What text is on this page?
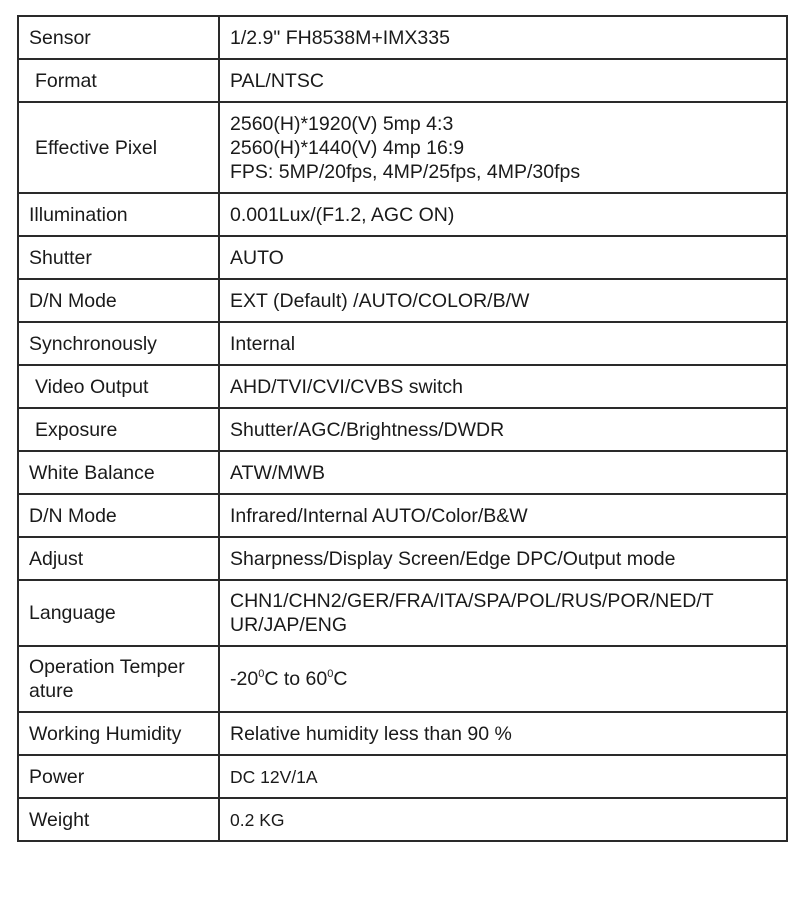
Sensor	1/2.9" FH8538M+IMX335
Format	PAL/NTSC
Effective Pixel	2560(H)*1920(V) 5mp 4:3
2560(H)*1440(V) 4mp 16:9
FPS: 5MP/20fps, 4MP/25fps, 4MP/30fps
Illumination	0.001Lux/(F1.2, AGC ON)
Shutter	AUTO
D/N Mode	EXT (Default) /AUTO/COLOR/B/W
Synchronously	Internal
Video Output	AHD/TVI/CVI/CVBS switch
Exposure	Shutter/AGC/Brightness/DWDR
White Balance	ATW/MWB
D/N Mode	Infrared/Internal AUTO/Color/B&W
Adjust	Sharpness/Display Screen/Edge DPC/Output mode
Language	CHN1/CHN2/GER/FRA/ITA/SPA/POL/RUS/POR/NED/T
UR/JAP/ENG
Operation Temper
ature	$-20^0C$ to $60^0C$
Working Humidity	Relative humidity less than 90 %
Power	DC 12V/1A
Weight	0.2 KG
